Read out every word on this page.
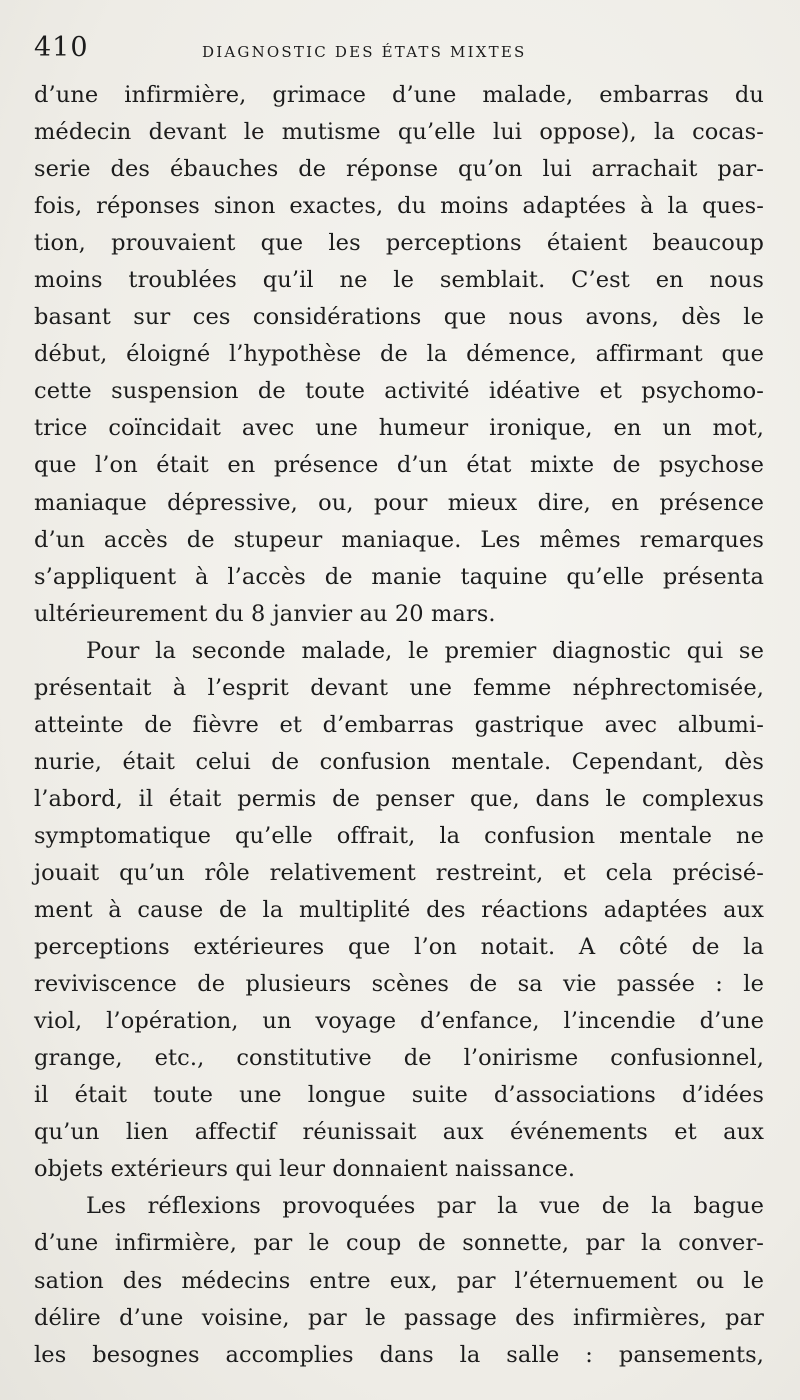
410	DIAGNOSTIC DES ÉTATS MIXTES
d’une infirmière, grimace d’une malade, embarras du
médecin devant le mutisme qu’elle lui oppose), la cocas-
serie des ébauches de réponse qu’on lui arrachait par-
fois, réponses sinon exactes, du moins adaptées à la ques-
tion, prouvaient que les perceptions étaient beaucoup
moins troublées qu’il ne le semblait. C’est en nous
basant sur ces considérations que nous avons, dès le
début, éloigné l’hypothèse de la démence, affirmant que
cette suspension de toute activité idéative et psychomo-
trice coïncidait avec une humeur ironique, en un mot,
que l’on était en présence d’un état mixte de psychose
maniaque dépressive, ou, pour mieux dire, en présence
d’un accès de stupeur maniaque. Les mêmes remarques
s’appliquent à l’accès de manie taquine qu’elle présenta
ultérieurement du 8 janvier au 20 mars.
Pour la seconde malade, le premier diagnostic qui se
présentait à l’esprit devant une femme néphrectomisée,
atteinte de fièvre et d’embarras gastrique avec albumi-
nurie, était celui de confusion mentale. Cependant, dès
l’abord, il était permis de penser que, dans le complexus
symptomatique qu’elle offrait, la confusion mentale ne
jouait qu’un rôle relativement restreint, et cela précisé-
ment à cause de la multiplité des réactions adaptées aux
perceptions extérieures que l’on notait. A côté de la
reviviscence de plusieurs scènes de sa vie passée : le
viol, l’opération, un voyage d’enfance, l’incendie d’une
grange, etc., constitutive de l’onirisme confusionnel,
il était toute une longue suite d’associations d’idées
qu’un lien affectif réunissait aux événements et aux
objets extérieurs qui leur donnaient naissance.
Les réflexions provoquées par la vue de la bague
d’une infirmière, par le coup de sonnette, par la conver-
sation des médecins entre eux, par l’éternuement ou le
délire d’une voisine, par le passage des infirmières, par
les besognes accomplies dans la salle : pansements,
